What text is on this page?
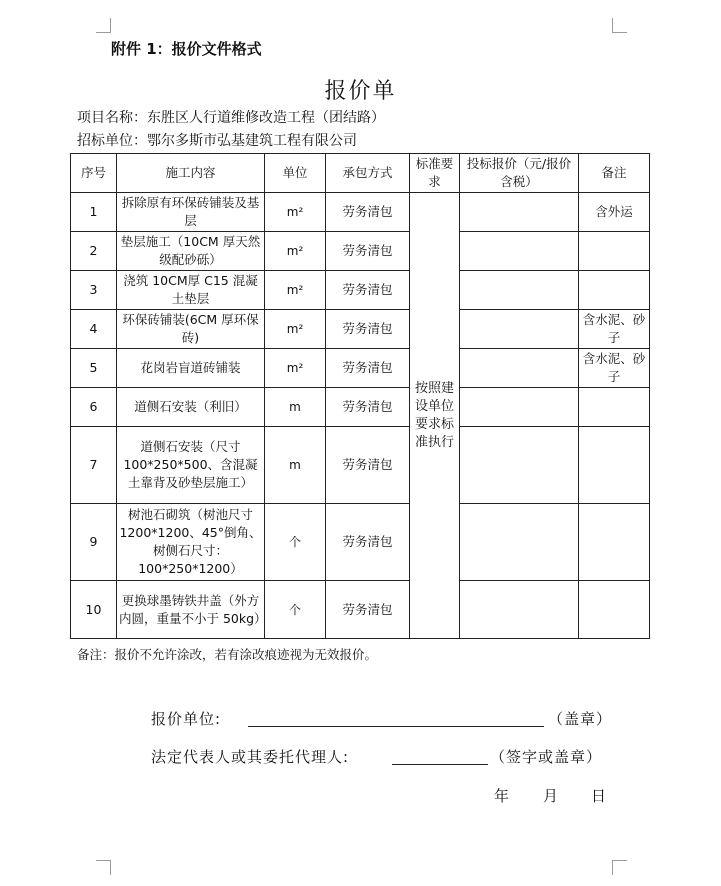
附件 1：报价文件格式
报价单
项目名称：东胜区人行道维修改造工程（团结路）
招标单位：鄂尔多斯市弘基建筑工程有限公司
序号	施工内容	单位	承包方式	标准要求	投标报价（元/报价含税）	备注
1	拆除原有环保砖铺装及基层	m²	劳务清包	按照建设单位要求标准执行		含外运
2	垫层施工（10CM 厚天然级配砂砾）	m²	劳务清包			
3	浇筑 10CM厚 C15 混凝土垫层	m²	劳务清包			
4	环保砖铺装(6CM 厚环保砖)	m²	劳务清包			含水泥、砂子
5	花岗岩盲道砖铺装	m²	劳务清包			含水泥、砂子
6	道侧石安装（利旧）	m	劳务清包			
7	道侧石安装（尺寸100*250*500、含混凝土靠背及砂垫层施工）	m	劳务清包			
9	树池石砌筑（树池尺寸 1200*1200、45°倒角、树侧石尺寸：100*250*1200）	个	劳务清包			
10	更换球墨铸铁井盖（外方内圆，重量不小于 50kg）	个	劳务清包			
备注：报价不允许涂改，若有涂改痕迹视为无效报价。
报价单位:	（盖章）
法定代表人或其委托代理人:	（签字或盖章）
年 月 日
